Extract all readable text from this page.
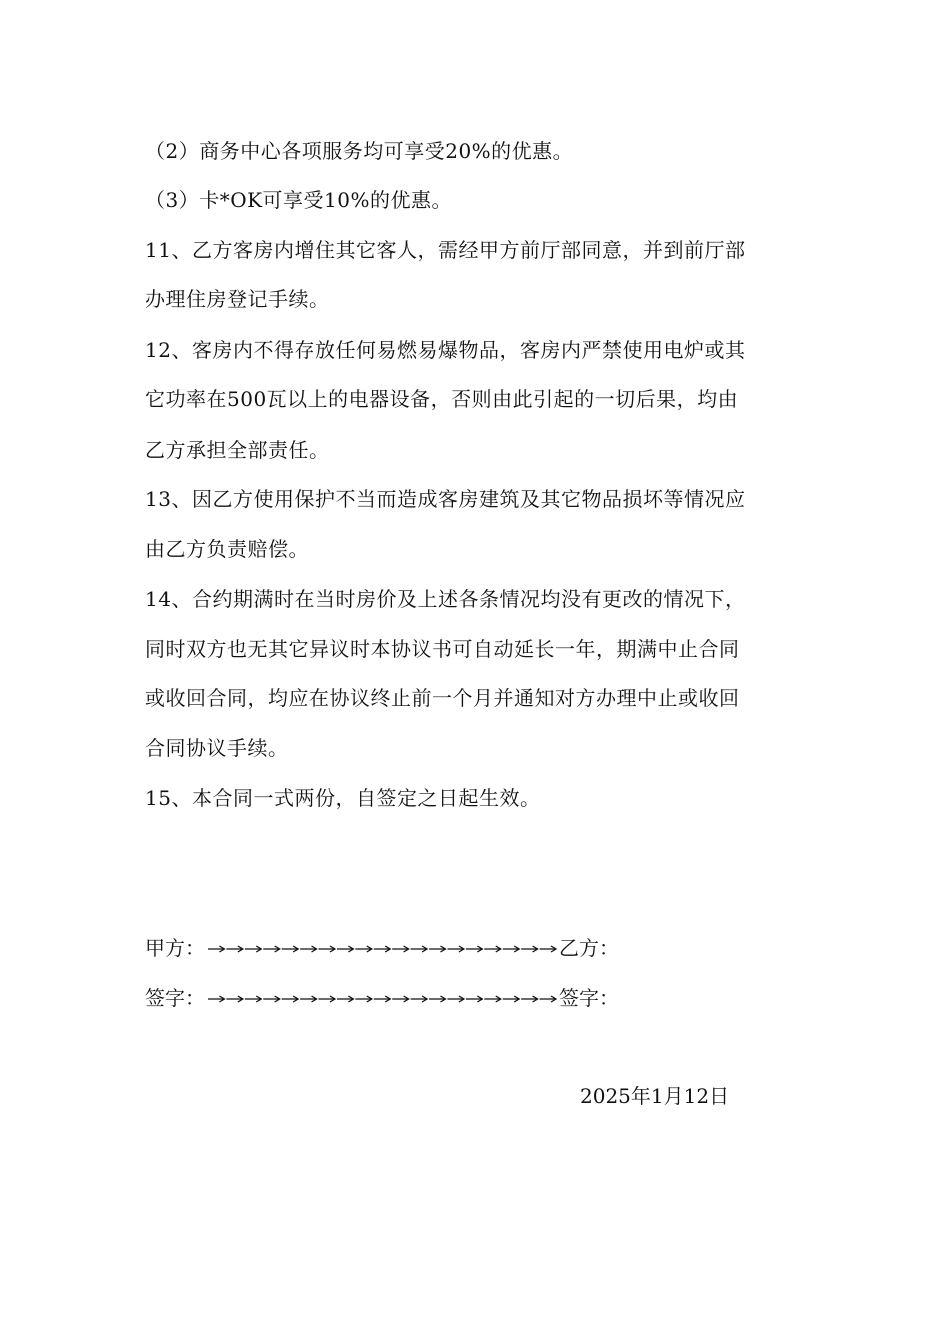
（2）商务中心各项服务均可享受20%的优惠。
（3）卡*OK可享受10%的优惠。
11、乙方客房内增住其它客人，需经甲方前厅部同意，并到前厅部
办理住房登记手续。
12、客房内不得存放任何易燃易爆物品，客房内严禁使用电炉或其
它功率在500瓦以上的电器设备，否则由此引起的一切后果，均由
乙方承担全部责任。
13、因乙方使用保护不当而造成客房建筑及其它物品损坏等情况应
由乙方负责赔偿。
14、合约期满时在当时房价及上述各条情况均没有更改的情况下，
同时双方也无其它异议时本协议书可自动延长一年，期满中止合同
或收回合同，均应在协议终止前一个月并通知对方办理中止或收回
合同协议手续。
15、本合同一式两份，自签定之日起生效。
甲方：	乙方：
签字：	签字：
2025年1月12日
